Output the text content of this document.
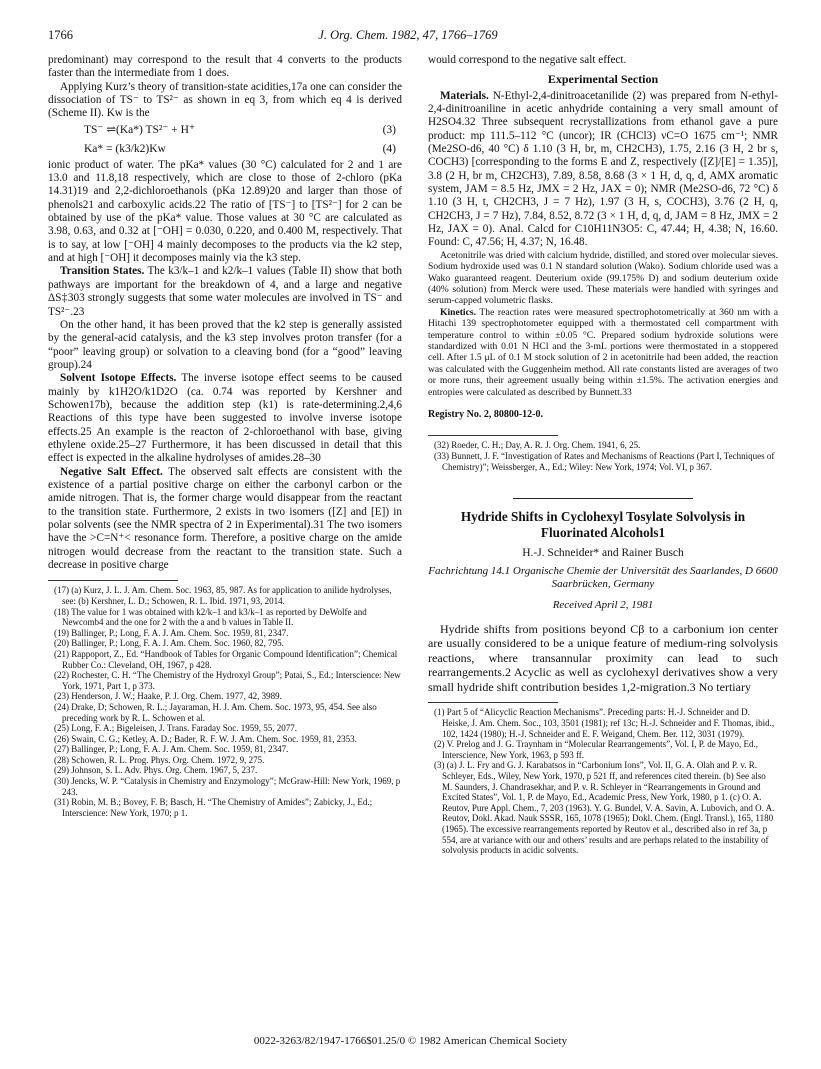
1766	J. Org. Chem. 1982, 47, 1766–1769

predominant) may correspond to the result that 4 converts to the products faster than the intermediate from 1 does.

Applying Kurz’s theory of transition-state acidities,17a one can consider the dissociation of TS⁻ to TS²⁻ as shown in eq 3, from which eq 4 is derived (Scheme II). Kw is the

TS⁻ ⇌(Ka*) TS²⁻ + H⁺	(3)
Ka* = (k3/k2)Kw	(4)

ionic product of water. The pKa* values (30 °C) calculated for 2 and 1 are 13.0 and 11.8,18 respectively, which are close to those of 2-chloro (pKa 14.31)19 and 2,2-dichloroethanols (pKa 12.89)20 and larger than those of phenols21 and carboxylic acids.22 The ratio of [TS⁻] to [TS²⁻] for 2 can be obtained by use of the pKa* value. Those values at 30 °C are calculated as 3.98, 0.63, and 0.32 at [⁻OH] = 0.030, 0.220, and 0.400 M, respectively. That is to say, at low [⁻OH] 4 mainly decomposes to the products via the k2 step, and at high [⁻OH] it decomposes mainly via the k3 step.

Transition States. The k3/k–1 and k2/k–1 values (Table II) show that both pathways are important for the breakdown of 4, and a large and negative ΔS‡303 strongly suggests that some water molecules are involved in TS⁻ and TS²⁻.23

On the other hand, it has been proved that the k2 step is generally assisted by the general-acid catalysis, and the k3 step involves proton transfer (for a “poor” leaving group) or solvation to a cleaving bond (for a “good” leaving group).24

Solvent Isotope Effects. The inverse isotope effect seems to be caused mainly by k1H2O/k1D2O (ca. 0.74 was reported by Kershner and Schowen17b), because the addition step (k1) is rate-determining.2,4,6 Reactions of this type have been suggested to involve inverse isotope effects.25 An example is the reacton of 2-chloroethanol with base, giving ethylene oxide.25–27 Furthermore, it has been discussed in detail that this effect is expected in the alkaline hydrolyses of amides.28–30

Negative Salt Effect. The observed salt effects are consistent with the existence of a partial positive charge on either the carbonyl carbon or the amide nitrogen. That is, the former charge would disappear from the reactant to the transition state. Furthermore, 2 exists in two isomers ([Z] and [E]) in polar solvents (see the NMR spectra of 2 in Experimental).31 The two isomers have the >C=N⁺< resonance form. Therefore, a positive charge on the amide nitrogen would decrease from the reactant to the transition state. Such a decrease in positive charge

(17) (a) Kurz, J. L. J. Am. Chem. Soc. 1963, 85, 987. As for application to anilide hydrolyses, see: (b) Kershner, L. D.; Schowen, R. L. Ibid. 1971, 93, 2014.

(18) The value for 1 was obtained with k2/k–1 and k3/k–1 as reported by DeWolfe and Newcomb4 and the one for 2 with the a and b values in Table II.

(19) Ballinger, P.; Long, F. A. J. Am. Chem. Soc. 1959, 81, 2347.

(20) Ballinger, P.; Long, F. A. J. Am. Chem. Soc. 1960, 82, 795.

(21) Rappoport, Z., Ed. “Handbook of Tables for Organic Compound Identification”; Chemical Rubber Co.: Cleveland, OH, 1967, p 428.

(22) Rochester, C. H. “The Chemistry of the Hydroxyl Group”; Patai, S., Ed.; Interscience: New York, 1971, Part 1, p 373.

(23) Henderson, J. W.; Haake, P. J. Org. Chem. 1977, 42, 3989.

(24) Drake, D; Schowen, R. L.; Jayaraman, H. J. Am. Chem. Soc. 1973, 95, 454. See also preceding work by R. L. Schowen et al.

(25) Long, F. A.; Bigeleisen, J. Trans. Faraday Soc. 1959, 55, 2077.

(26) Swain, C. G.; Ketley, A. D.; Bader, R. F. W. J. Am. Chem. Soc. 1959, 81, 2353.

(27) Ballinger, P.; Long, F. A. J. Am. Chem. Soc. 1959, 81, 2347.

(28) Schowen, R. L. Prog. Phys. Org. Chem. 1972, 9, 275.

(29) Johnson, S. L. Adv. Phys. Org. Chem. 1967, 5, 237.

(30) Jencks, W. P. “Catalysis in Chemistry and Enzymology”; McGraw-Hill: New York, 1969, p 243.

(31) Robin, M. B.; Bovey, F. B; Basch, H. “The Chemistry of Amides”; Zabicky, J., Ed.; Interscience: New York, 1970; p 1.

would correspond to the negative salt effect.

Experimental Section

Materials. N-Ethyl-2,4-dinitroacetanilide (2) was prepared from N-ethyl-2,4-dinitroaniline in acetic anhydride containing a very small amount of H2SO4.32 Three subsequent recrystallizations from ethanol gave a pure product: mp 111.5–112 °C (uncor); IR (CHCl3) νC=O 1675 cm⁻¹; NMR (Me2SO-d6, 40 °C) δ 1.10 (3 H, br, m, CH2CH3), 1.75, 2.16 (3 H, 2 br s, COCH3) [corresponding to the forms E and Z, respectively ([Z]/[E] = 1.35)], 3.8 (2 H, br m, CH2CH3), 7.89, 8.58, 8.68 (3 × 1 H, d, q, d, AMX aromatic system, JAM = 8.5 Hz, JMX = 2 Hz, JAX = 0); NMR (Me2SO-d6, 72 °C) δ 1.10 (3 H, t, CH2CH3, J = 7 Hz), 1.97 (3 H, s, COCH3), 3.76 (2 H, q, CH2CH3, J = 7 Hz), 7.84, 8.52, 8.72 (3 × 1 H, d, q, d, JAM = 8 Hz, JMX = 2 Hz, JAX = 0). Anal. Calcd for C10H11N3O5: C, 47.44; H, 4.38; N, 16.60. Found: C, 47.56; H, 4.37; N, 16.48.

Acetonitrile was dried with calcium hydride, distilled, and stored over molecular sieves. Sodium hydroxide used was 0.1 N standard solution (Wako). Sodium chloride used was a Wako guaranteed reagent. Deuterium oxide (99.175% D) and sodium deuterium oxide (40% solution) from Merck were used. These materials were handled with syringes and serum-capped volumetric flasks.

Kinetics. The reaction rates were measured spectrophotometrically at 360 nm with a Hitachi 139 spectrophotometer equipped with a thermostated cell compartment with temperature control to within ±0.05 °C. Prepared sodium hydroxide solutions were standardized with 0.01 N HCl and the 3-mL portions were thermostated in a stoppered cell. After 1.5 μL of 0.1 M stock solution of 2 in acetonitrile had been added, the reaction was calculated with the Guggenheim method. All rate constants listed are averages of two or more runs, their agreement usually being within ±1.5%. The activation energies and entropies were calculated as described by Bunnett.33

Registry No. 2, 80800-12-0.

(32) Roeder, C. H.; Day, A. R. J. Org. Chem. 1941, 6, 25.

(33) Bunnett, J. F. “Investigation of Rates and Mechanisms of Reactions (Part I, Techniques of Chemistry)”; Weissberger, A., Ed.; Wiley: New York, 1974; Vol. VI, p 367.

Hydride Shifts in Cyclohexyl Tosylate Solvolysis in Fluorinated Alcohols1

H.-J. Schneider* and Rainer Busch

Fachrichtung 14.1 Organische Chemie der Universität des Saarlandes, D 6600 Saarbrücken, Germany

Received April 2, 1981

Hydride shifts from positions beyond Cβ to a carbonium ion center are usually considered to be a unique feature of medium-ring solvolysis reactions, where transannular proximity can lead to such rearrangements.2 Acyclic as well as cyclohexyl derivatives show a very small hydride shift contribution besides 1,2-migration.3 No tertiary

(1) Part 5 of “Alicyclic Reaction Mechanisms”. Preceding parts: H.-J. Schneider and D. Heiske, J. Am. Chem. Soc., 103, 3501 (1981); ref 13c; H.-J. Schneider and F. Thomas, ibid., 102, 1424 (1980); H.-J. Schneider and E. F. Weigand, Chem. Ber. 112, 3031 (1979).

(2) V. Prelog and J. G. Traynham in “Molecular Rearrangements”, Vol. I, P. de Mayo, Ed., Interscience, New York, 1963, p 593 ff.

(3) (a) J. L. Fry and G. J. Karabatsos in “Carbonium Ions”, Vol. II, G. A. Olah and P. v. R. Schleyer, Eds., Wiley, New York, 1970, p 521 ff, and references cited therein. (b) See also M. Saunders, J. Chandrasekhar, and P. v. R. Schleyer in “Rearrangements in Ground and Excited States”, Vol. 1, P. de Mayo, Ed., Academic Press, New York, 1980, p 1. (c) O. A. Reutov, Pure Appl. Chem., 7, 203 (1963). Y. G. Bundel, V. A. Savin, A. Lubovich, and O. A. Reutov, Dokl. Akad. Nauk SSSR, 165, 1078 (1965); Dokl. Chem. (Engl. Transl.), 165, 1180 (1965). The excessive rearrangements reported by Reutov et al., described also in ref 3a, p 554, are at variance with our and others’ results and are perhaps related to the instability of solvolysis products in acidic solvents.

0022-3263/82/1947-1766$01.25/0 © 1982 American Chemical Society
